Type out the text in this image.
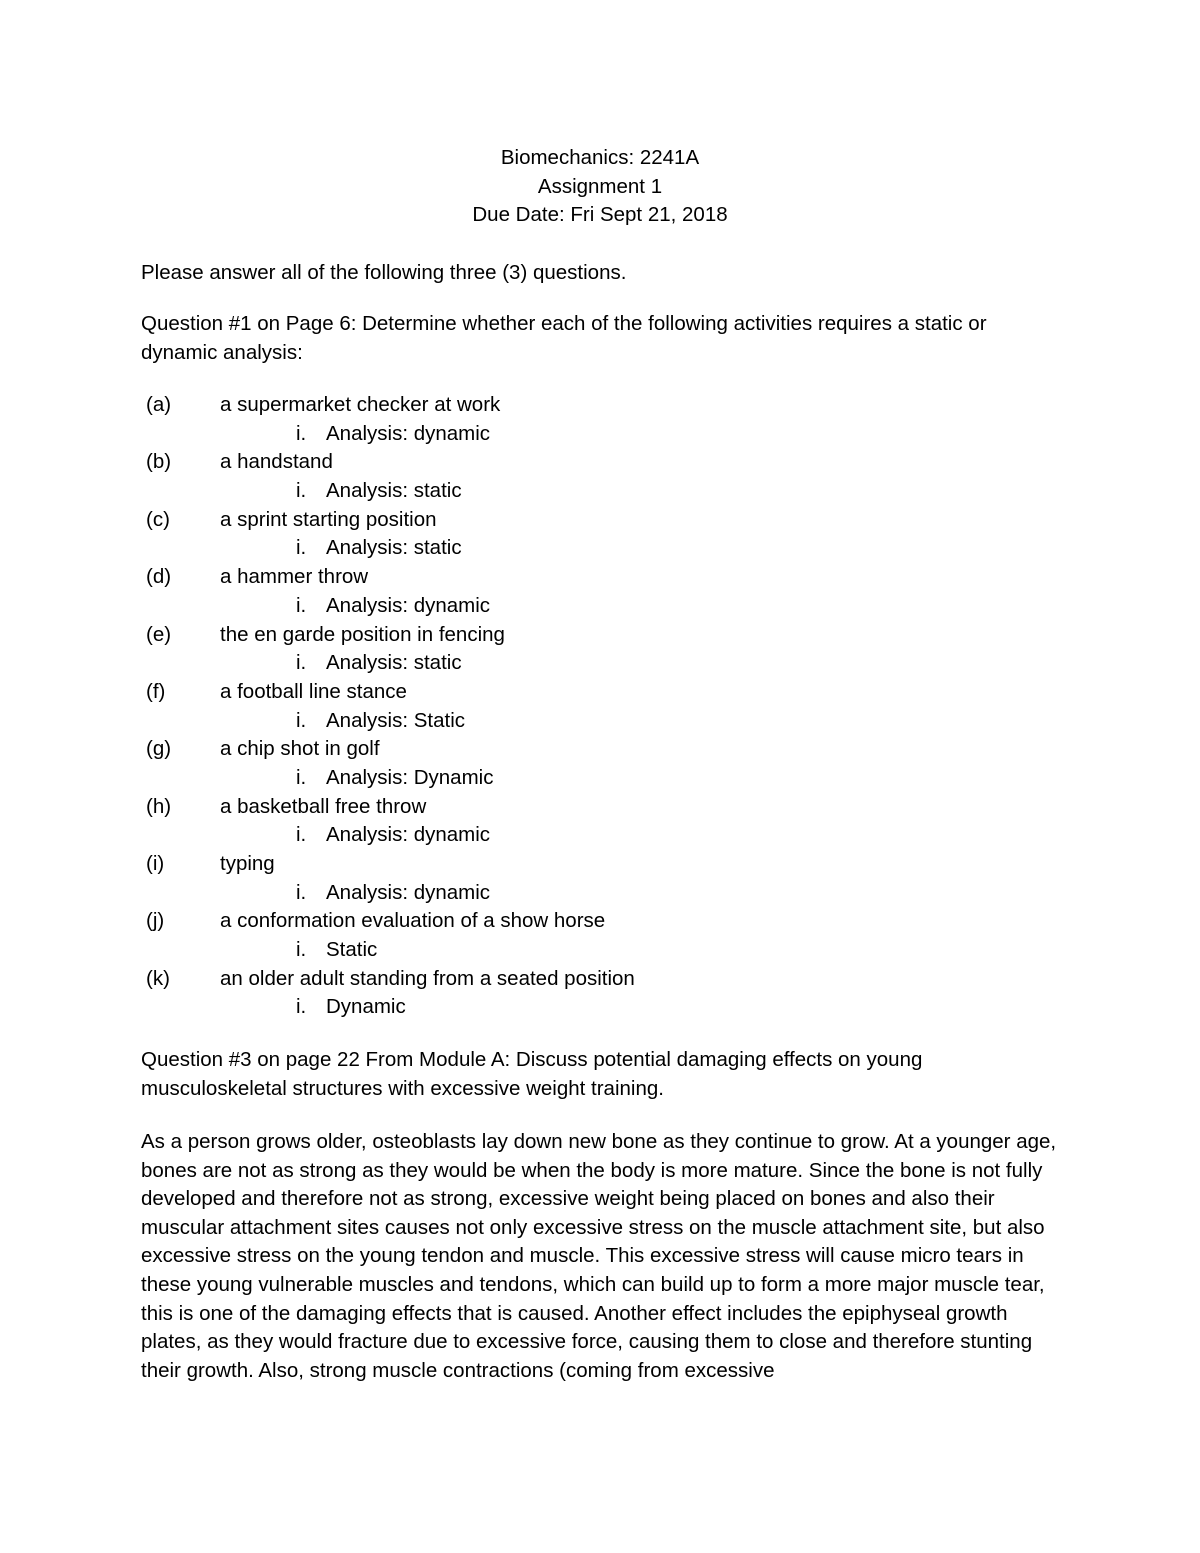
Biomechanics: 2241A
Assignment 1
Due Date: Fri Sept 21, 2018

Please answer all of the following three (3) questions.

Question #1 on Page 6: Determine whether each of the following activities requires a static or dynamic analysis:

(a) a supermarket checker at work
i. Analysis: dynamic
(b) a handstand
i. Analysis: static
(c) a sprint starting position
i. Analysis: static
(d) a hammer throw
i. Analysis: dynamic
(e) the en garde position in fencing
i. Analysis: static
(f)	a football line stance
i. Analysis: Static
(g) a chip shot in golf
i. Analysis: Dynamic
(h) a basketball free throw
i. Analysis: dynamic
(i)	typing
i. Analysis: dynamic
(j)	a conformation evaluation of a show horse
i. Static
(k) an older adult standing from a seated position
i. Dynamic

Question #3 on page 22 From Module A: Discuss potential damaging effects on young musculoskeletal structures with excessive weight training.

As a person grows older, osteoblasts lay down new bone as they continue to grow. At a younger age, bones are not as strong as they would be when the body is more mature. Since the bone is not fully developed and therefore not as strong, excessive weight being placed on bones and also their muscular attachment sites causes not only excessive stress on the muscle attachment site, but also excessive stress on the young tendon and muscle. This excessive stress will cause micro tears in these young vulnerable muscles and tendons, which can build up to form a more major muscle tear, this is one of the damaging effects that is caused. Another effect includes the epiphyseal growth plates, as they would fracture due to excessive force, causing them to close and therefore stunting their growth. Also, strong muscle contractions (coming from excessive
